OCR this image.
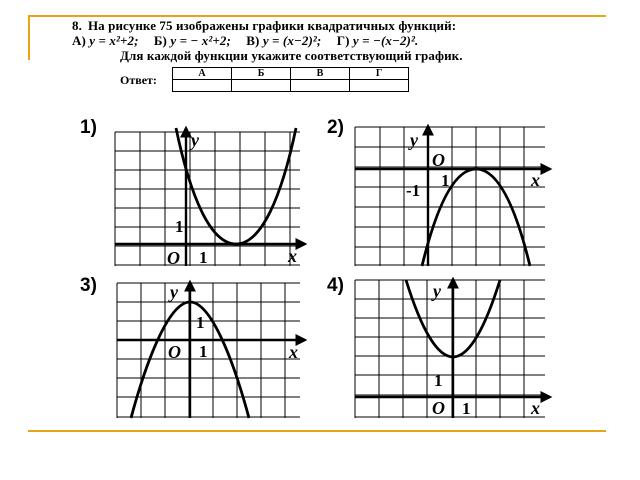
8. На рисунке 75 изображены графики квадратичных функций:
А) y = x²+2; Б) y = − x²+2; В) y = (x−2)²; Г) y = −(x−2)².
Для каждой функции укажите соответствующий график.
Ответ:	А	Б	В	Г

1)	2)
3)	4)
y
x
O 1
1
y
x
O
1
-1
y
x
O 1
1
y
x
O 1
1
